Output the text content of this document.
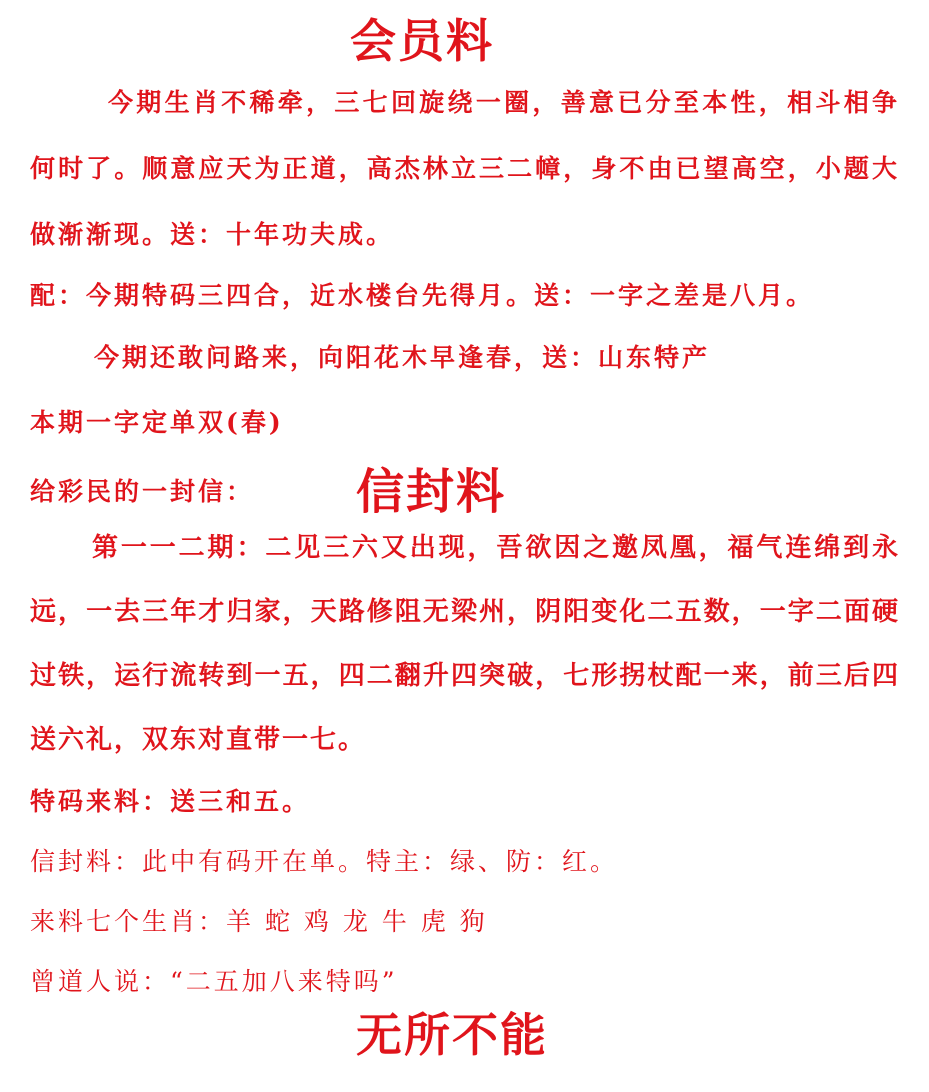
会员料
今期生肖不稀牵，三七回旋绕一圈，善意已分至本性，相斗相争何时了。顺意应天为正道，高杰林立三二幛，身不由已望高空，小题大做渐渐现。送：十年功夫成。
配：今期特码三四合，近水楼台先得月。送：一字之差是八月。
今期还敢问路来，向阳花木早逢春，送：山东特产
本期一字定单双(春)
给彩民的一封信： 信封料
第一一二期：二见三六又出现，吾欲因之邀凤凰，福气连绵到永远，一去三年才归家，天路修阻无梁州，阴阳变化二五数，一字二面硬过铁，运行流转到一五，四二翻升四突破，七形拐杖配一来，前三后四送六礼，双东对直带一七。
特码来料：送三和五。
信封料：此中有码开在单。特主：绿、防：红。
来料七个生肖：羊 蛇 鸡 龙 牛 虎 狗
曾道人说：“二五加八来特吗”
无所不能
